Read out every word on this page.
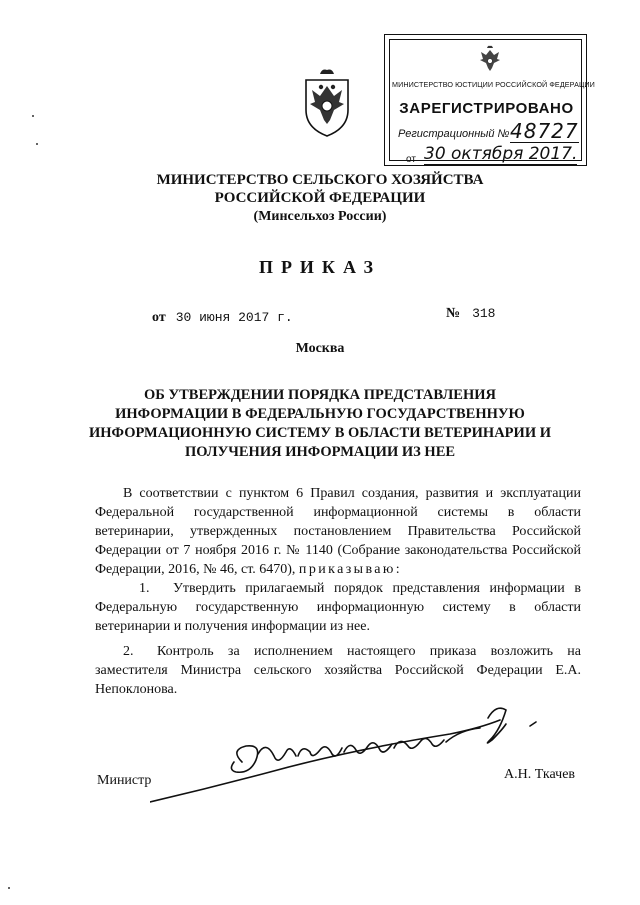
МИНИСТЕРСТВО ЮСТИЦИИ РОССИЙСКОЙ ФЕДЕРАЦИИ
ЗАРЕГИСТРИРОВАНО
Регистрационный № 48727
от 30 октября 2017.
МИНИСТЕРСТВО СЕЛЬСКОГО ХОЗЯЙСТВА
РОССИЙСКОЙ ФЕДЕРАЦИИ
(Минсельхоз России)
ПРИКАЗ
от 30 июня 2017 г.	№ 318
Москва
ОБ УТВЕРЖДЕНИИ ПОРЯДКА ПРЕДСТАВЛЕНИЯ
ИНФОРМАЦИИ В ФЕДЕРАЛЬНУЮ ГОСУДАРСТВЕННУЮ
ИНФОРМАЦИОННУЮ СИСТЕМУ В ОБЛАСТИ ВЕТЕРИНАРИИ И
ПОЛУЧЕНИЯ ИНФОРМАЦИИ ИЗ НЕЕ

В соответствии с пунктом 6 Правил создания, развития и эксплуатации Федеральной государственной информационной системы в области ветеринарии, утвержденных постановлением Правительства Российской Федерации от 7 ноября 2016 г. № 1140 (Собрание законодательства Российской Федерации, 2016, № 46, ст. 6470), приказываю:

1. Утвердить прилагаемый порядок представления информации в Федеральную государственную информационную систему в области ветеринарии и получения информации из нее.

2. Контроль за исполнением настоящего приказа возложить на заместителя Министра сельского хозяйства Российской Федерации Е.А. Непоклонова.

Министр	А.Н. Ткачев
